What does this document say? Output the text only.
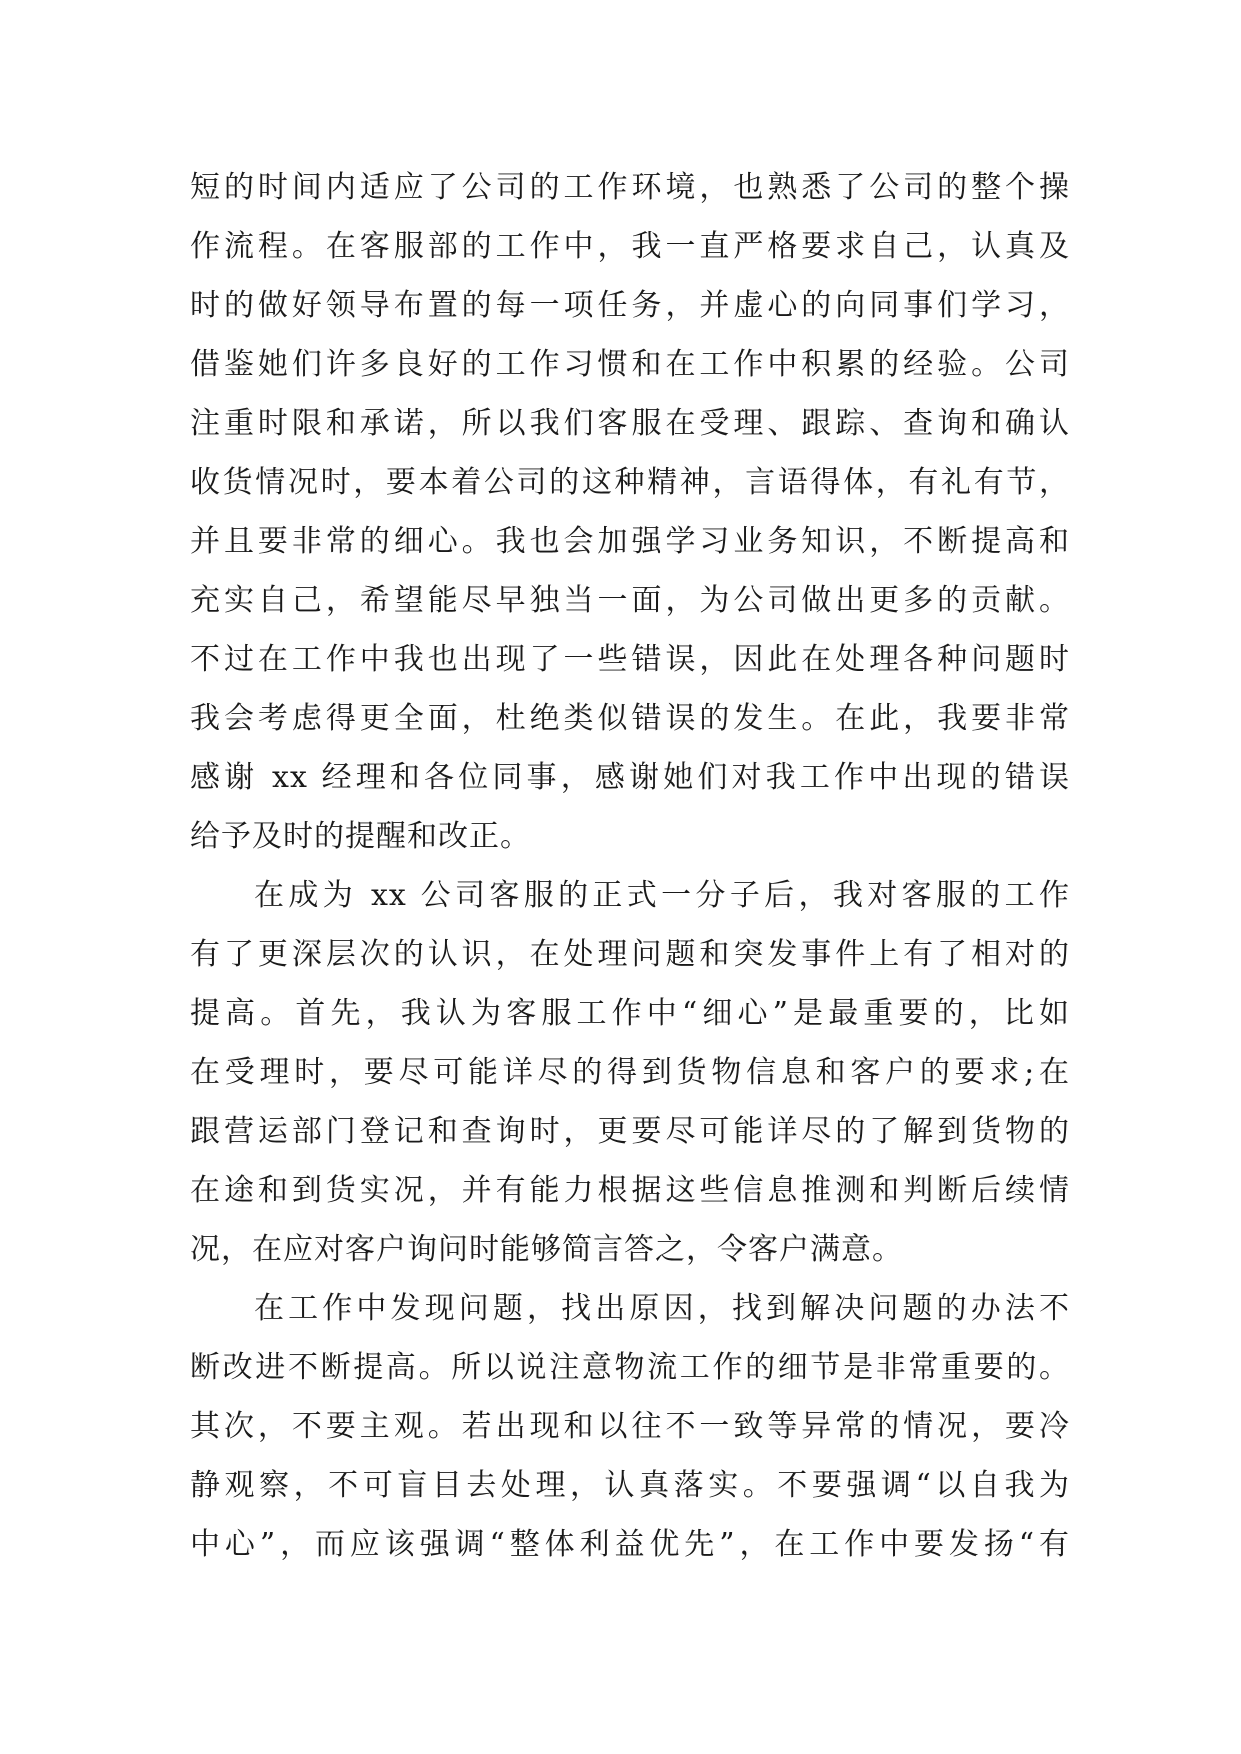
短的时间内适应了公司的工作环境，也熟悉了公司的整个操
作流程。在客服部的工作中，我一直严格要求自己，认真及
时的做好领导布置的每一项任务，并虚心的向同事们学习，
借鉴她们许多良好的工作习惯和在工作中积累的经验。公司
注重时限和承诺，所以我们客服在受理、跟踪、查询和确认
收货情况时，要本着公司的这种精神，言语得体，有礼有节，
并且要非常的细心。我也会加强学习业务知识，不断提高和
充实自己，希望能尽早独当一面，为公司做出更多的贡献。
不过在工作中我也出现了一些错误，因此在处理各种问题时
我会考虑得更全面，杜绝类似错误的发生。在此，我要非常
感谢 xx 经理和各位同事，感谢她们对我工作中出现的错误
给予及时的提醒和改正。
在成为 xx 公司客服的正式一分子后，我对客服的工作
有了更深层次的认识，在处理问题和突发事件上有了相对的
提高。首先，我认为客服工作中“细心”是最重要的，比如
在受理时，要尽可能详尽的得到货物信息和客户的要求;在
跟营运部门登记和查询时，更要尽可能详尽的了解到货物的
在途和到货实况，并有能力根据这些信息推测和判断后续情
况，在应对客户询问时能够简言答之，令客户满意。
在工作中发现问题，找出原因，找到解决问题的办法不
断改进不断提高。所以说注意物流工作的细节是非常重要的。
其次，不要主观。若出现和以往不一致等异常的情况，要冷
静观察，不可盲目去处理，认真落实。不要强调“以自我为
中心”，而应该强调“整体利益优先”，在工作中要发扬“有
